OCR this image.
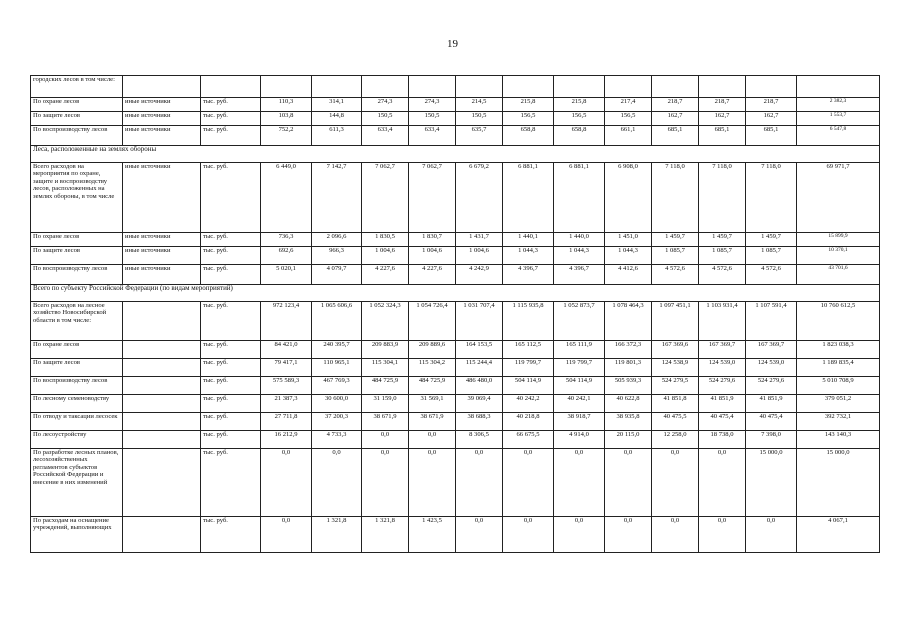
19
городских лесов в том числе:															
По охране лесов	иные источники	тыс. руб.	110,3	314,1	274,3	274,3	214,5	215,8	215,8	217,4	218,7	218,7	218,7	2 382,3	
По защите лесов	иные источники	тыс. руб.	103,8	144,8	150,5	150,5	150,5	156,5	156,5	156,5	162,7	162,7	162,7	1 553,7	
По воспроизводству лесов	иные источники	тыс. руб.	752,2	611,3	633,4	633,4	635,7	658,8	658,8	661,1	685,1	685,1	685,1	6 547,8	
Леса, расположенные на землях обороны															
Всего расходов на мероприятия по охране, защите и воспроизводству лесов, расположенных на землях обороны, в том числе	иные источники	тыс. руб.	6 449,0	7 142,7	7 062,7	7 062,7	6 679,2	6 881,1	6 881,1	6 908,0	7 118,0	7 118,0	7 118,0	69 971,7	
По охране лесов	иные источники	тыс. руб.	736,3	2 096,6	1 830,5	1 830,7	1 431,7	1 440,1	1 440,0	1 451,0	1 459,7	1 459,7	1 459,7	15 899,9	
По защите лесов	иные источники	тыс. руб.	692,6	966,3	1 004,6	1 004,6	1 004,6	1 044,3	1 044,3	1 044,3	1 085,7	1 085,7	1 085,7	10 370,1	
По воспроизводству лесов	иные источники	тыс. руб.	5 020,1	4 079,7	4 227,6	4 227,6	4 242,9	4 396,7	4 396,7	4 412,6	4 572,6	4 572,6	4 572,6	43 701,6	
Всего по субъекту Российской Федерации (по видам мероприятий)															
Всего расходов на лесное хозяйство Новосибирской области в том числе:		тыс. руб.	972 123,4	1 065 606,6	1 052 324,3	1 054 726,4	1 031 707,4	1 115 935,8	1 052 873,7	1 078 464,3	1 097 451,1	1 103 931,4	1 107 591,4	10 760 612,5	
По охране лесов		тыс. руб.	84 421,0	240 395,7	209 883,9	209 889,6	164 153,5	165 112,5	165 111,9	166 372,3	167 369,6	167 369,7	167 369,7	1 823 038,3	
По защите лесов		тыс. руб.	79 417,1	110 965,1	115 304,1	115 304,2	115 244,4	119 799,7	119 799,7	119 801,3	124 538,9	124 539,0	124 539,0	1 189 835,4	
По воспроизводству лесов		тыс. руб.	575 589,3	467 769,3	484 725,9	484 725,9	486 480,0	504 114,9	504 114,9	505 939,3	524 279,5	524 279,6	524 279,6	5 010 708,9	
По лесному семеноводству		тыс. руб.	21 387,3	30 600,0	31 159,0	31 569,1	39 069,4	40 242,2	40 242,1	40 622,8	41 851,8	41 851,9	41 851,9	379 051,2	
По отводу и таксации лесосек		тыс. руб.	27 711,8	37 200,3	38 671,9	38 671,9	38 688,3	40 218,8	38 918,7	38 935,8	40 475,5	40 475,4	40 475,4	392 732,1	
По лесоустройству		тыс. руб.	16 212,9	4 733,3	0,0	0,0	8 306,5	66 675,5	4 914,0	20 115,0	12 258,0	18 738,0	7 398,0	143 140,3	
По разработке лесных планов, лесохозяйственных регламентов субъектов Российской Федерации и внесение в них изменений		тыс. руб.	0,0	0,0	0,0	0,0	0,0	0,0	0,0	0,0	0,0	0,0	15 000,0	15 000,0	
По расходам на оснащение учреждений, выполняющих		тыс. руб.	0,0	1 321,8	1 321,8	1 423,5	0,0	0,0	0,0	0,0	0,0	0,0	0,0	4 067,1	
